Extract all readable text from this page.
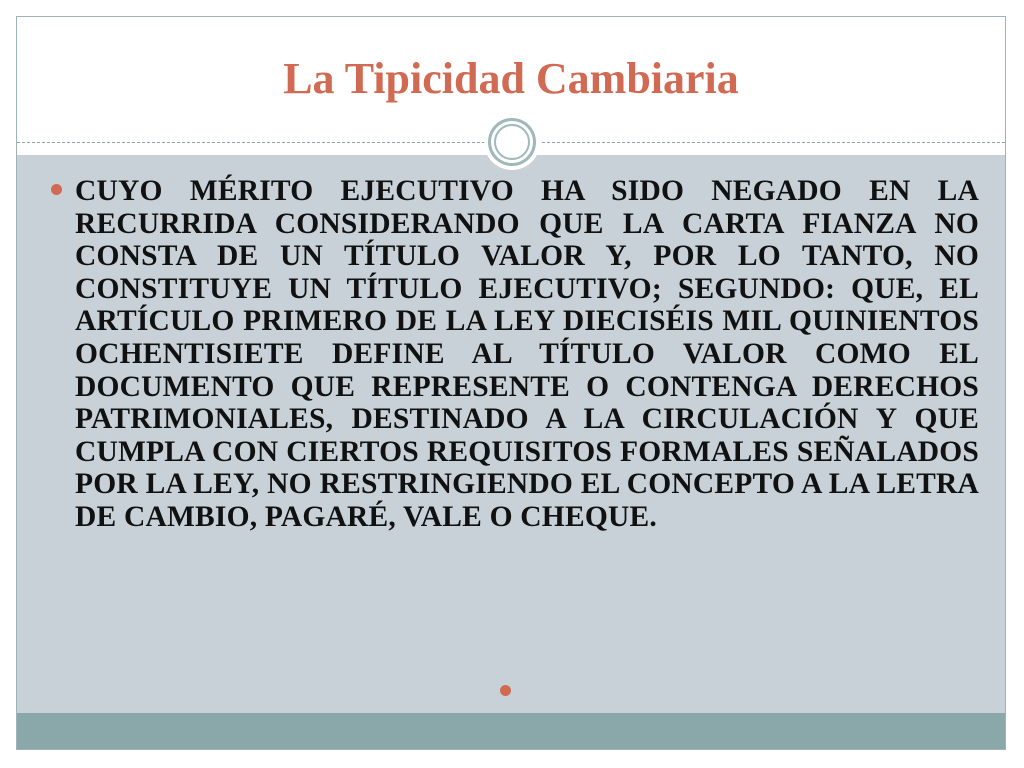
La Tipicidad Cambiaria

CUYO MÉRITO EJECUTIVO HA SIDO NEGADO EN LA RECURRIDA CONSIDERANDO QUE LA CARTA FIANZA NO CONSTA DE UN TÍTULO VALOR Y, POR LO TANTO, NO CONSTITUYE UN TÍTULO EJECUTIVO; SEGUNDO: QUE, EL ARTÍCULO PRIMERO DE LA LEY DIECISÉIS MIL QUINIENTOS OCHENTISIETE DEFINE AL TÍTULO VALOR COMO EL DOCUMENTO QUE REPRESENTE O CONTENGA DERECHOS PATRIMONIALES, DESTINADO A LA CIRCULACIÓN Y QUE CUMPLA CON CIERTOS REQUISITOS FORMALES SEÑALADOS POR LA LEY, NO RESTRINGIENDO EL CONCEPTO A LA LETRA DE CAMBIO, PAGARÉ, VALE O CHEQUE.
